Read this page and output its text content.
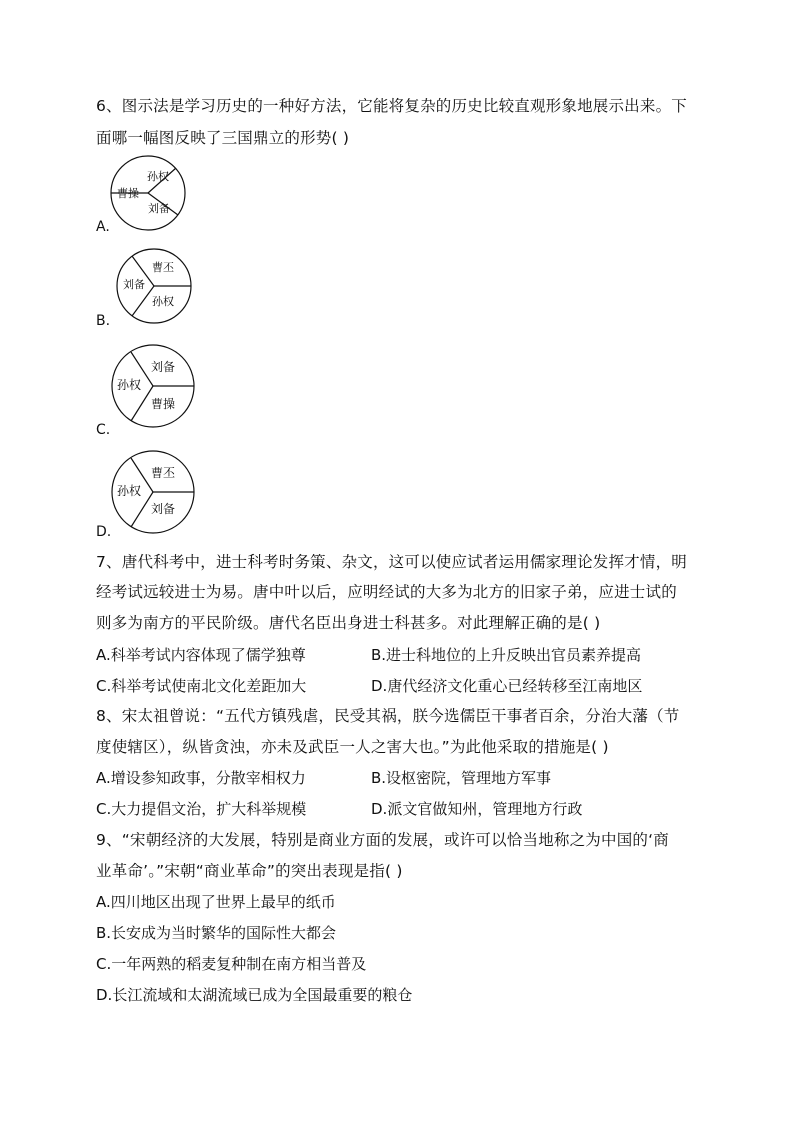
6、图示法是学习历史的一种好方法，它能将复杂的历史比较直观形象地展示出来。下
面哪一幅图反映了三国鼎立的形势( )
曹操
孙权
刘备
A.
刘备
曹丕
孙权
B.
孙权
刘备
曹操
C.
孙权
曹丕
刘备
D.
7、唐代科考中，进士科考时务策、杂文，这可以使应试者运用儒家理论发挥才情，明
经考试远较进士为易。唐中叶以后，应明经试的大多为北方的旧家子弟，应进士试的
则多为南方的平民阶级。唐代名臣出身进士科甚多。对此理解正确的是( )
A.科举考试内容体现了儒学独尊	B.进士科地位的上升反映出官员素养提高
C.科举考试使南北文化差距加大	D.唐代经济文化重心已经转移至江南地区
8、宋太祖曾说：“五代方镇残虐，民受其祸，朕今选儒臣干事者百余，分治大藩（节
度使辖区），纵皆贪浊，亦未及武臣一人之害大也。”为此他采取的措施是( )
A.增设参知政事，分散宰相权力	B.设枢密院，管理地方军事
C.大力提倡文治，扩大科举规模	D.派文官做知州，管理地方行政
9、“宋朝经济的大发展，特别是商业方面的发展，或许可以恰当地称之为中国的‘商
业革命’。”宋朝“商业革命”的突出表现是指( )
A.四川地区出现了世界上最早的纸币
B.长安成为当时繁华的国际性大都会
C.一年两熟的稻麦复种制在南方相当普及
D.长江流域和太湖流域已成为全国最重要的粮仓
